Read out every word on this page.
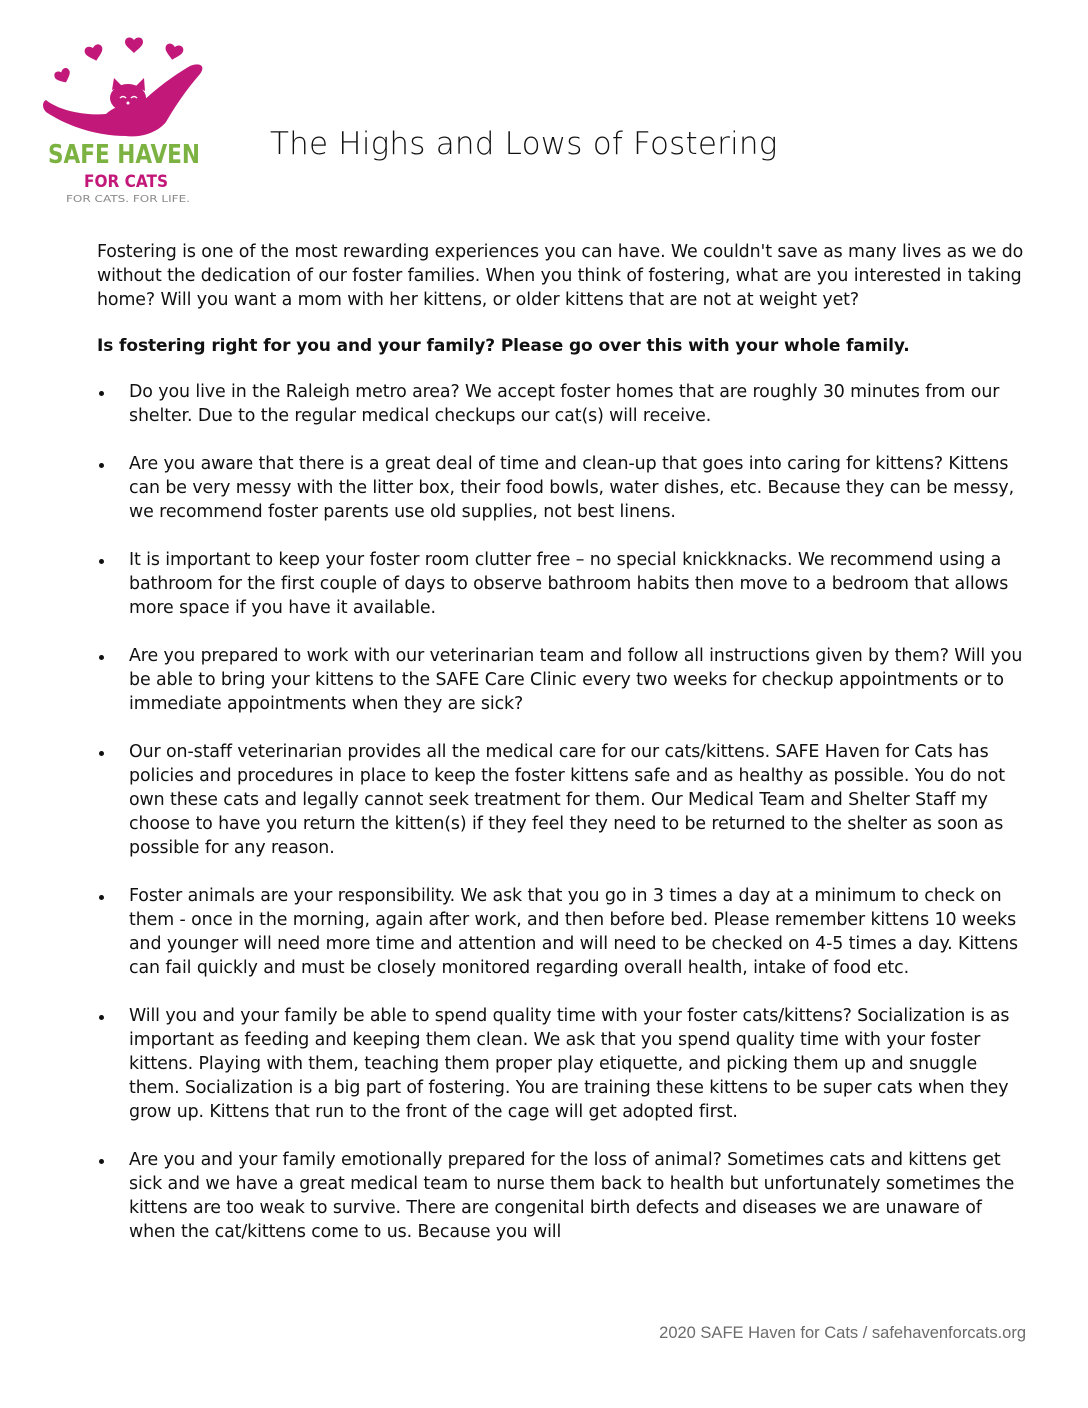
SAFE HAVEN
FOR CATS
FOR CATS. FOR LIFE.
The Highs and Lows of Fostering

Fostering is one of the most rewarding experiences you can have. We couldn't save as many lives as we do without the dedication of our foster families. When you think of fostering, what are you interested in taking home? Will you want a mom with her kittens, or older kittens that are not at weight yet?

Is fostering right for you and your family? Please go over this with your whole family.

Do you live in the Raleigh metro area? We accept foster homes that are roughly 30 minutes from our shelter. Due to the regular medical checkups our cat(s) will receive.
Are you aware that there is a great deal of time and clean-up that goes into caring for kittens? Kittens can be very messy with the litter box, their food bowls, water dishes, etc. Because they can be messy, we recommend foster parents use old supplies, not best linens.
It is important to keep your foster room clutter free – no special knickknacks. We recommend using a bathroom for the first couple of days to observe bathroom habits then move to a bedroom that allows more space if you have it available.
Are you prepared to work with our veterinarian team and follow all instructions given by them? Will you be able to bring your kittens to the SAFE Care Clinic every two weeks for checkup appointments or to immediate appointments when they are sick?
Our on-staff veterinarian provides all the medical care for our cats/kittens. SAFE Haven for Cats has policies and procedures in place to keep the foster kittens safe and as healthy as possible. You do not own these cats and legally cannot seek treatment for them. Our Medical Team and Shelter Staff my choose to have you return the kitten(s) if they feel they need to be returned to the shelter as soon as possible for any reason.
Foster animals are your responsibility. We ask that you go in 3 times a day at a minimum to check on them - once in the morning, again after work, and then before bed. Please remember kittens 10 weeks and younger will need more time and attention and will need to be checked on 4-5 times a day. Kittens can fail quickly and must be closely monitored regarding overall health, intake of food etc.
Will you and your family be able to spend quality time with your foster cats/kittens? Socialization is as important as feeding and keeping them clean. We ask that you spend quality time with your foster kittens. Playing with them, teaching them proper play etiquette, and picking them up and snuggle them. Socialization is a big part of fostering. You are training these kittens to be super cats when they grow up. Kittens that run to the front of the cage will get adopted first.
Are you and your family emotionally prepared for the loss of animal? Sometimes cats and kittens get sick and we have a great medical team to nurse them back to health but unfortunately sometimes the kittens are too weak to survive. There are congenital birth defects and diseases we are unaware of when the cat/kittens come to us. Because you will
2020 SAFE Haven for Cats / safehavenforcats.org
